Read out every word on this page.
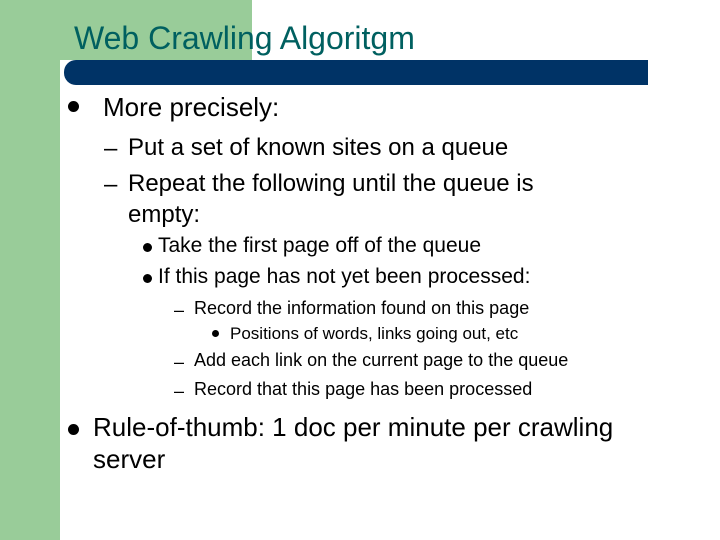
Web Crawling Algoritgm
More precisely:
– Put a set of known sites on a queue
– Repeat the following until the queue is
empty:
Take the first page off of the queue
If this page has not yet been processed:
– Record the information found on this page
Positions of words, links going out, etc
– Add each link on the current page to the queue
– Record that this page has been processed
Rule-of-thumb: 1 doc per minute per crawling
server
